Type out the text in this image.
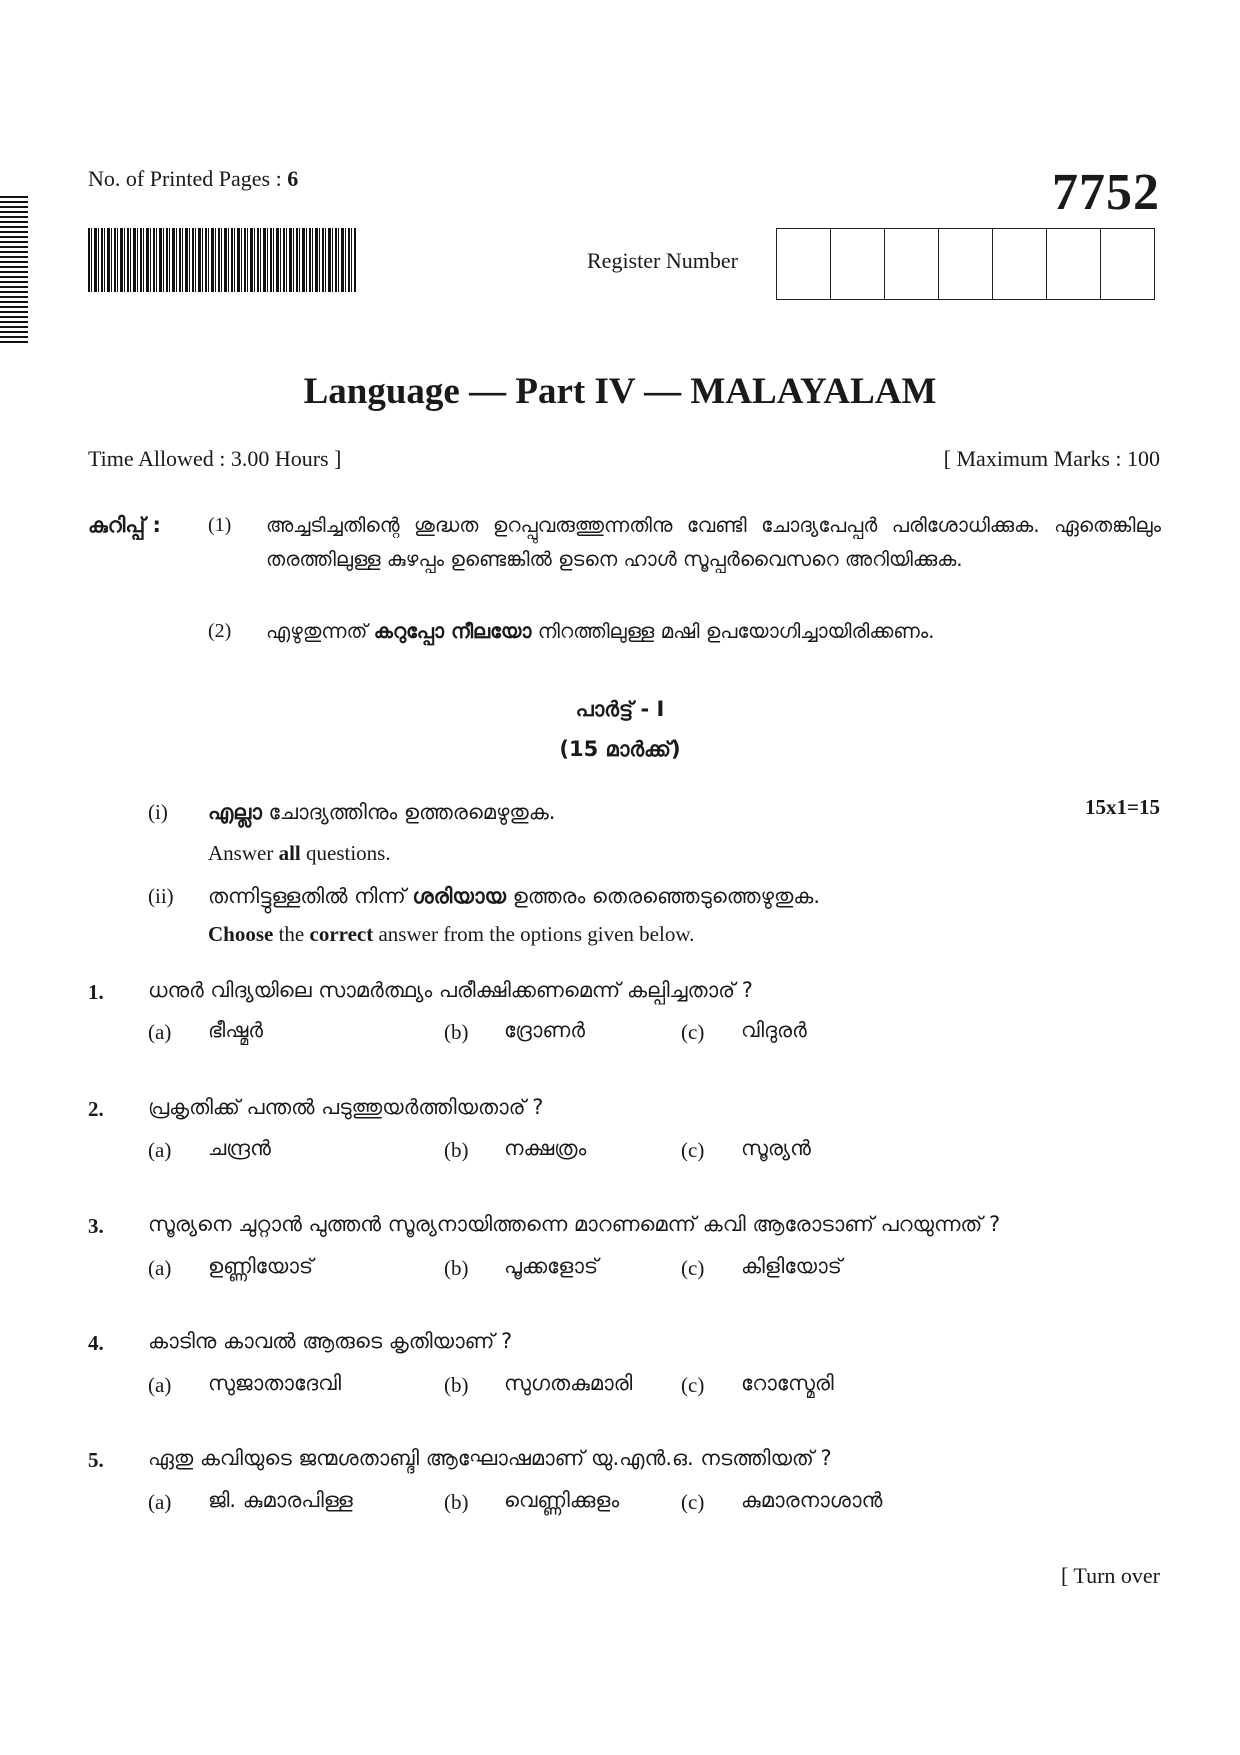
No. of Printed Pages : 6	7752
Register Number
Language — Part IV — MALAYALAM
Time Allowed : 3.00 Hours ]	[ Maximum Marks : 100
കുറിപ്പ് : (1) അച്ചടിച്ചതിന്റെ ശുദ്ധത ഉറപ്പുവരുത്തുന്നതിനു വേണ്ടി ചോദ്യപേപ്പർ പരിശോധിക്കുക. ഏതെങ്കിലും തരത്തിലുള്ള കുഴപ്പം ഉണ്ടെങ്കിൽ ഉടനെ ഹാൾ സൂപ്പർവൈസറെ അറിയിക്കുക.
(2) എഴുതുന്നത് കറുപ്പോ നീലയോ നിറത്തിലുള്ള മഷി ഉപയോഗിച്ചായിരിക്കണം.
പാർട്ട് - I
(15 മാർക്ക്)
(i) എല്ലാ ചോദ്യത്തിനും ഉത്തരമെഴുതുക.	15x1=15
Answer all questions.
(ii) തന്നിട്ടുള്ളതിൽ നിന്ന് ശരിയായ ഉത്തരം തെരഞ്ഞെടുത്തെഴുതുക.
Choose the correct answer from the options given below.
1. ധനുർ വിദ്യയിലെ സാമർത്ഥ്യം പരീക്ഷിക്കണമെന്ന് കല്പിച്ചതാര് ?
(a) ഭീഷ്മർ	(b) ദ്രോണർ	(c) വിദുരർ
2. പ്രകൃതിക്ക് പന്തൽ പടുത്തുയർത്തിയതാര് ?
(a) ചന്ദ്രൻ	(b) നക്ഷത്രം	(c) സൂര്യൻ
3. സൂര്യനെ ചുറ്റാൻ പുത്തൻ സൂര്യനായിത്തന്നെ മാറണമെന്ന് കവി ആരോടാണ് പറയുന്നത് ?
(a) ഉണ്ണിയോട്	(b) പൂക്കളോട്	(c) കിളിയോട്
4. കാടിനു കാവൽ ആരുടെ കൃതിയാണ് ?
(a) സുജാതാദേവി	(b) സുഗതകുമാരി (c) റോസ്മേരി
5. ഏതു കവിയുടെ ജന്മശതാബ്ദി ആഘോഷമാണ് യു.എൻ.ഒ. നടത്തിയത് ?
(a) ജി. കുമാരപിള്ള	(b) വെണ്ണിക്കുളം	(c) കുമാരനാശാൻ
[ Turn over
